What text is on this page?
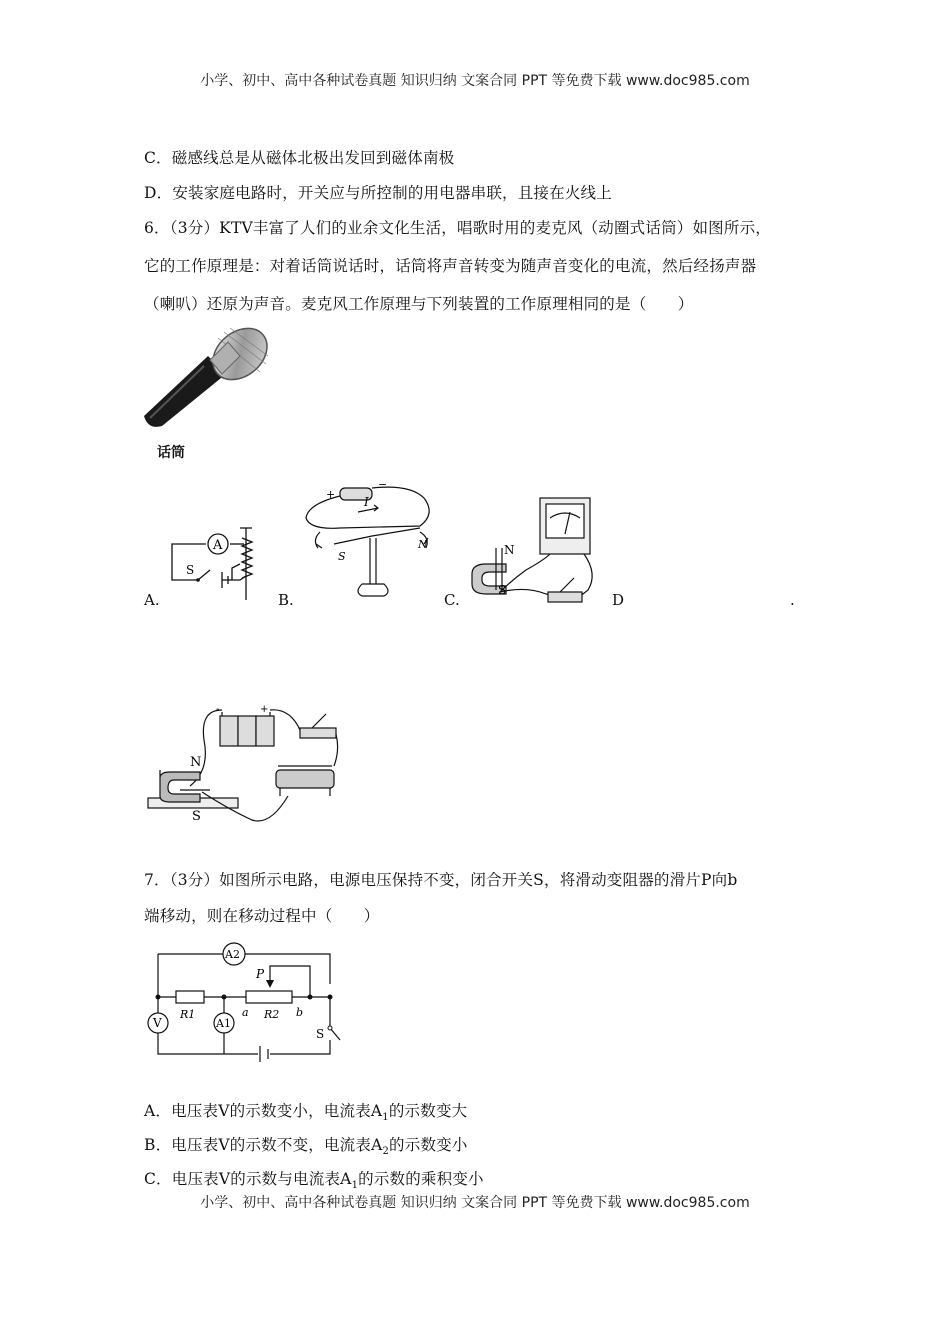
小学、初中、高中各种试卷真题 知识归纳 文案合同 PPT 等免费下载 www.doc985.com
小学、初中、高中各种试卷真题 知识归纳 文案合同 PPT 等免费下载 www.doc985.com
C．磁感线总是从磁体北极出发回到磁体南极
D．安装家庭电路时，开关应与所控制的用电器串联，且接在火线上
6．（3分）KTV丰富了人们的业余文化生活，唱歌时用的麦克风（动圈式话筒）如图所示，
它的工作原理是：对着话筒说话时，话筒将声音转变为随声音变化的电流，然后经扬声器
（喇叭）还原为声音。麦克风工作原理与下列装置的工作原理相同的是（　　）
话筒
A.	B.	C.	D	.
A
S
+
−
I
S
N	N
S
-	+
N
S
7．（3分）如图所示电路，电源电压保持不变，闭合开关S，将滑动变阻器的滑片P向b
端移动，则在移动过程中（　　）
A2
V	A1
R1	R2
P
a	b
S
A．电压表V的示数变小，电流表$A_1$的示数变大
B．电压表V的示数不变，电流表$A_2$的示数变小
C．电压表V的示数与电流表$A_1$的示数的乘积变小
